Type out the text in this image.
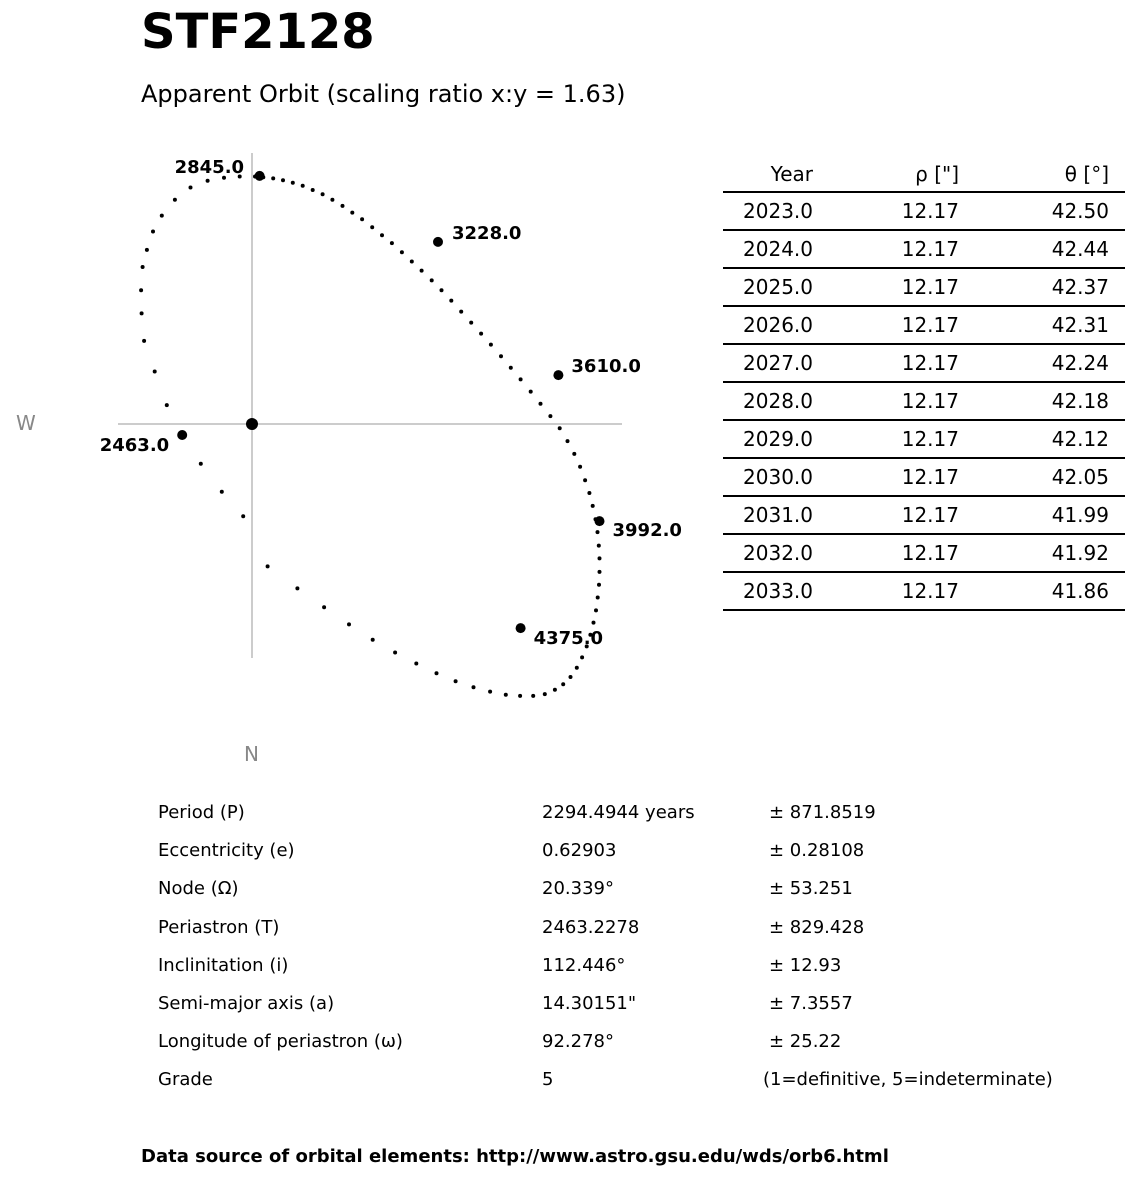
STF2128
Apparent Orbit (scaling ratio x:y = 1.63)
W
N
2845.0
3228.0
3610.0
3992.0
4375.0
2463.0
Year	ρ ["]	θ [°]	
2023.0	12.17	42.50	
2024.0	12.17	42.44	
2025.0	12.17	42.37	
2026.0	12.17	42.31	
2027.0	12.17	42.24	
2028.0	12.17	42.18	
2029.0	12.17	42.12	
2030.0	12.17	42.05	
2031.0	12.17	41.99	
2032.0	12.17	41.92	
2033.0	12.17	41.86	
Period (P)	2294.4944 years	± 871.8519
Eccentricity (e)	0.62903	± 0.28108
Node (Ω)	20.339°	± 53.251
Periastron (T)	2463.2278	± 829.428
Inclinitation (i)	112.446°	± 12.93
Semi-major axis (a)	14.30151"	± 7.3557
Longitude of periastron (ω)	92.278°	± 25.22
Grade	5	(1=definitive, 5=indeterminate)
Data source of orbital elements: http://www.astro.gsu.edu/wds/orb6.html
